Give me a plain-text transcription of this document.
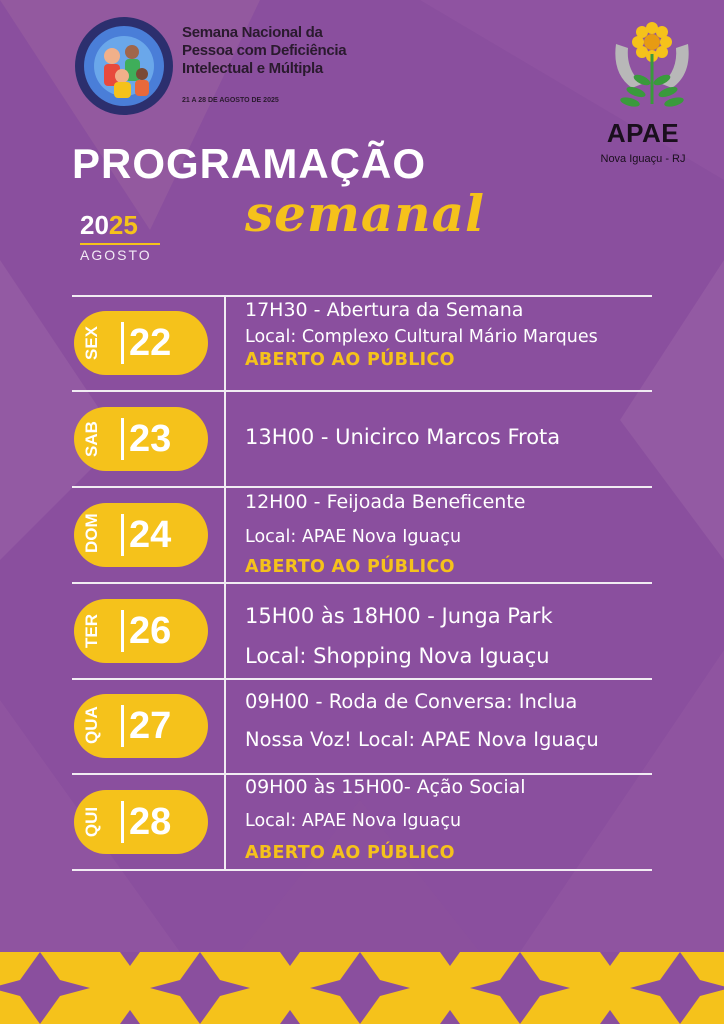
Semana Nacional da
Pessoa com Deficiência
Intelectual e Múltipla
21 A 28 DE AGOSTO DE 2025
APAE
Nova Iguaçu - RJ
PROGRAMAÇÃO
semanal
2025
AGOSTO
SEX 22
17H30 - Abertura da Semana
Local: Complexo Cultural Mário Marques
ABERTO AO PÚBLICO
SAB 23	13H00 - Unicirco Marcos Frota
DOM 24
12H00 - Feijoada Beneficente
Local: APAE Nova Iguaçu
ABERTO AO PÚBLICO
TER 26	15H00 às 18H00 - Junga Park
Local: Shopping Nova Iguaçu
QUA 27
09H00 - Roda de Conversa: Inclua
Nossa Voz! Local: APAE Nova Iguaçu
QUI 28
09H00 às 15H00- Ação Social
Local: APAE Nova Iguaçu
ABERTO AO PÚBLICO
